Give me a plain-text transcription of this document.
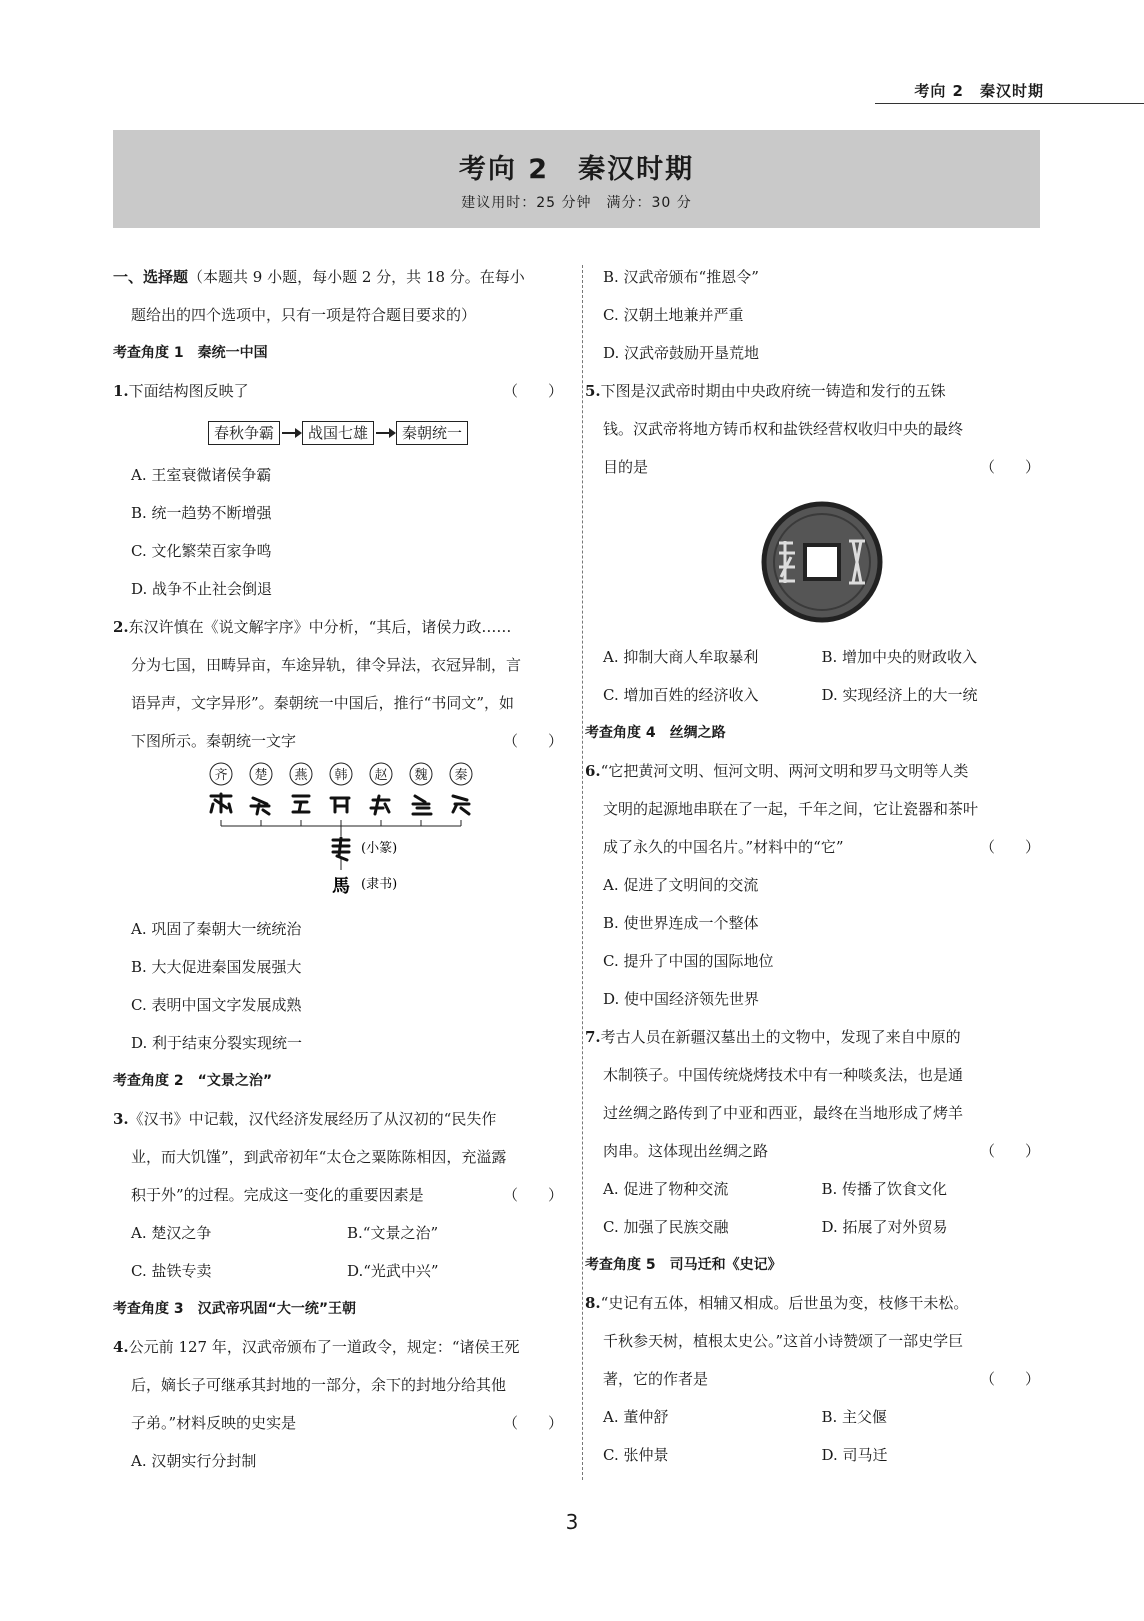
考向 2　秦汉时期
考向 2　秦汉时期
建议用时：25 分钟　满分：30 分
一、选择题（本题共 9 小题，每小题 2 分，共 18 分。在每小
题给出的四个选项中，只有一项是符合题目要求的）
考查角度 1　秦统一中国
1.下面结构图反映了	（　　）
春秋争霸	战国七雄	秦朝统一
A. 王室衰微诸侯争霸
B. 统一趋势不断增强
C. 文化繁荣百家争鸣
D. 战争不止社会倒退
2.东汉许慎在《说文解字序》中分析，“其后，诸侯力政……
分为七国，田畴异亩，车途异轨，律令异法，衣冠异制，言
语异声，文字异形”。秦朝统一中国后，推行“书同文”，如
下图所示。秦朝统一文字	（　　）
齐 楚 燕 韩 赵 魏 秦
(小篆)
馬 (隶书)
A. 巩固了秦朝大一统统治
B. 大大促进秦国发展强大
C. 表明中国文字发展成熟
D. 利于结束分裂实现统一
考查角度 2　“文景之治”
3.《汉书》中记载，汉代经济发展经历了从汉初的“民失作
业，而大饥馑”，到武帝初年“太仓之粟陈陈相因，充溢露
积于外”的过程。完成这一变化的重要因素是	（　　）
A. 楚汉之争	B.“文景之治”
C. 盐铁专卖	D.“光武中兴”
考查角度 3　汉武帝巩固“大一统”王朝
4.公元前 127 年，汉武帝颁布了一道政令，规定：“诸侯王死
后，嫡长子可继承其封地的一部分，余下的封地分给其他
子弟。”材料反映的史实是	（　　）
A. 汉朝实行分封制
B. 汉武帝颁布“推恩令”
C. 汉朝土地兼并严重
D. 汉武帝鼓励开垦荒地
5.下图是汉武帝时期由中央政府统一铸造和发行的五铢
钱。汉武帝将地方铸币权和盐铁经营权收归中央的最终
目的是	（　　）
A. 抑制大商人牟取暴利	B. 增加中央的财政收入
C. 增加百姓的经济收入	D. 实现经济上的大一统
考查角度 4　丝绸之路
6.“它把黄河文明、恒河文明、两河文明和罗马文明等人类
文明的起源地串联在了一起，千年之间，它让瓷器和茶叶
成了永久的中国名片。”材料中的“它”	（　　）
A. 促进了文明间的交流
B. 使世界连成一个整体
C. 提升了中国的国际地位
D. 使中国经济领先世界
7.考古人员在新疆汉墓出土的文物中，发现了来自中原的
木制筷子。中国传统烧烤技术中有一种啖炙法，也是通
过丝绸之路传到了中亚和西亚，最终在当地形成了烤羊
肉串。这体现出丝绸之路	（　　）
A. 促进了物种交流	B. 传播了饮食文化
C. 加强了民族交融	D. 拓展了对外贸易
考查角度 5　司马迁和《史记》
8.“史记有五体，相辅又相成。后世虽为变，枝修干未松。
千秋参天树，植根太史公。”这首小诗赞颂了一部史学巨
著，它的作者是	（　　）
A. 董仲舒	B. 主父偃
C. 张仲景	D. 司马迁
3
